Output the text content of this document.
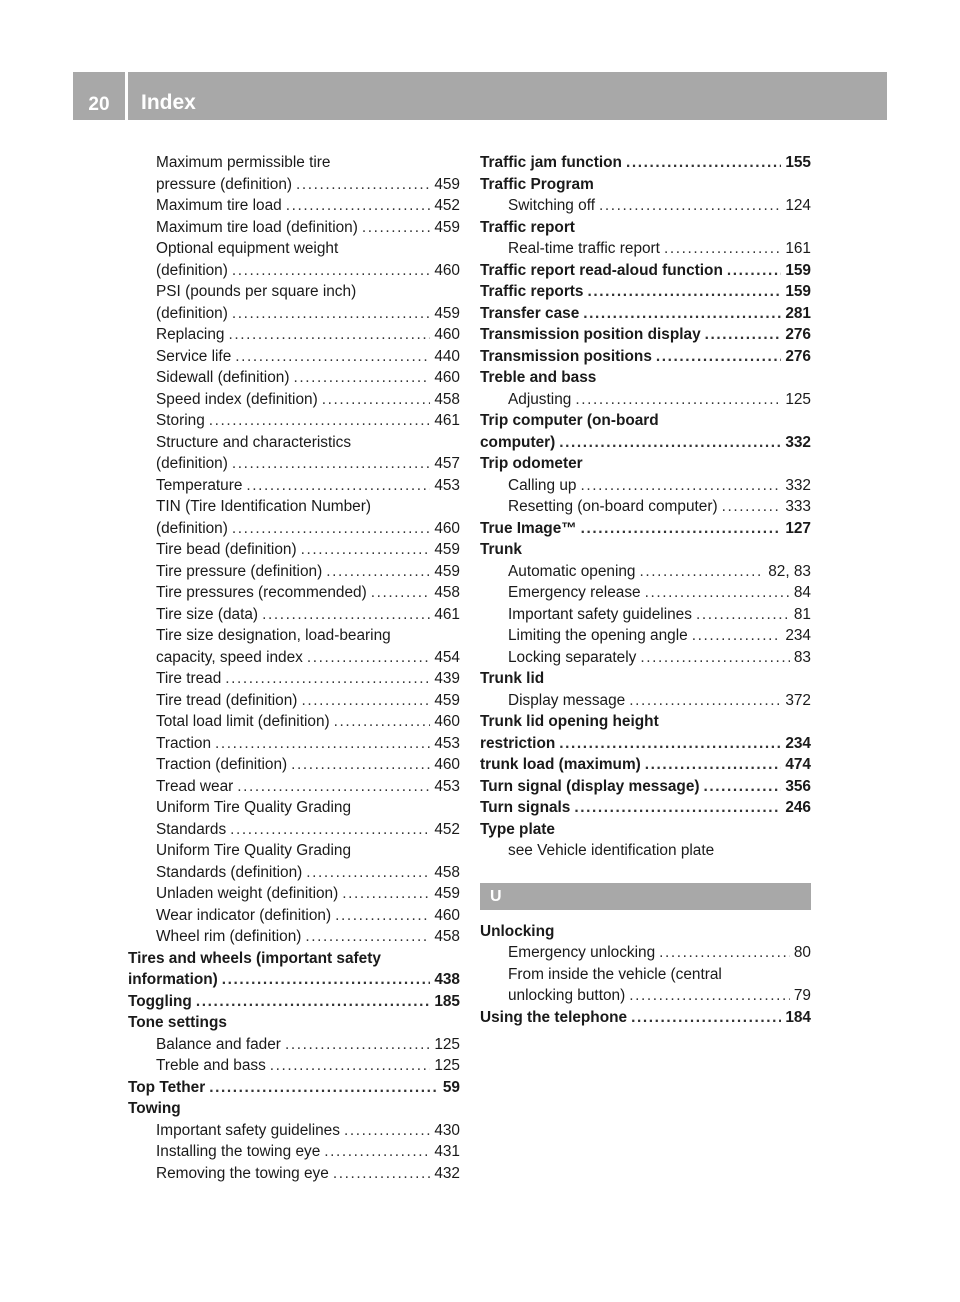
20	Index
Maximum permissible tire
pressure (definition) .....	459
Maximum tire load .....	452
Maximum tire load (definition) .....	459
Optional equipment weight
(definition) .....	460
PSI (pounds per square inch)
(definition) .....	459
Replacing .....	460
Service life .....	440
Sidewall (definition) .....	460
Speed index (definition) .....	458
Storing .....	461
Structure and characteristics
(definition) .....	457
Temperature .....	453
TIN (Tire Identification Number)
(definition) .....	460
Tire bead (definition) .....	459
Tire pressure (definition) .....	459
Tire pressures (recommended) .....	458
Tire size (data) .....	461
Tire size designation, load-bearing
capacity, speed index .....	454
Tire tread .....	439
Tire tread (definition) .....	459
Total load limit (definition) .....	460
Traction .....	453
Traction (definition) .....	460
Tread wear .....	453
Uniform Tire Quality Grading
Standards .....	452
Uniform Tire Quality Grading
Standards (definition) .....	458
Unladen weight (definition) .....	459
Wear indicator (definition) .....	460
Wheel rim (definition) .....	458
Tires and wheels (important safety
information) .....	438
Toggling .....	185
Tone settings
Balance and fader .....	125
Treble and bass .....	125
Top Tether .....	59
Towing
Important safety guidelines .....	430
Installing the towing eye .....	431
Removing the towing eye .....	432
Traffic jam function .....	155
Traffic Program
Switching off .....	124
Traffic report
Real-time traffic report .....	161
Traffic report read-aloud function .....	159
Traffic reports .....	159
Transfer case .....	281
Transmission position display .....	276
Transmission positions .....	276
Treble and bass
Adjusting .....	125
Trip computer (on-board
computer) .....	332
Trip odometer
Calling up .....	332
Resetting (on-board computer) .....	333
True Image™ .....	127
Trunk
Automatic opening .....	82, 83
Emergency release .....	84
Important safety guidelines .....	81
Limiting the opening angle .....	234
Locking separately .....	83
Trunk lid
Display message .....	372
Trunk lid opening height
restriction .....	234
trunk load (maximum) .....	474
Turn signal (display message) .....	356
Turn signals .....	246
Type plate
see Vehicle identification plate
U
Unlocking
Emergency unlocking .....	80
From inside the vehicle (central
unlocking button) .....	79
Using the telephone .....	184
